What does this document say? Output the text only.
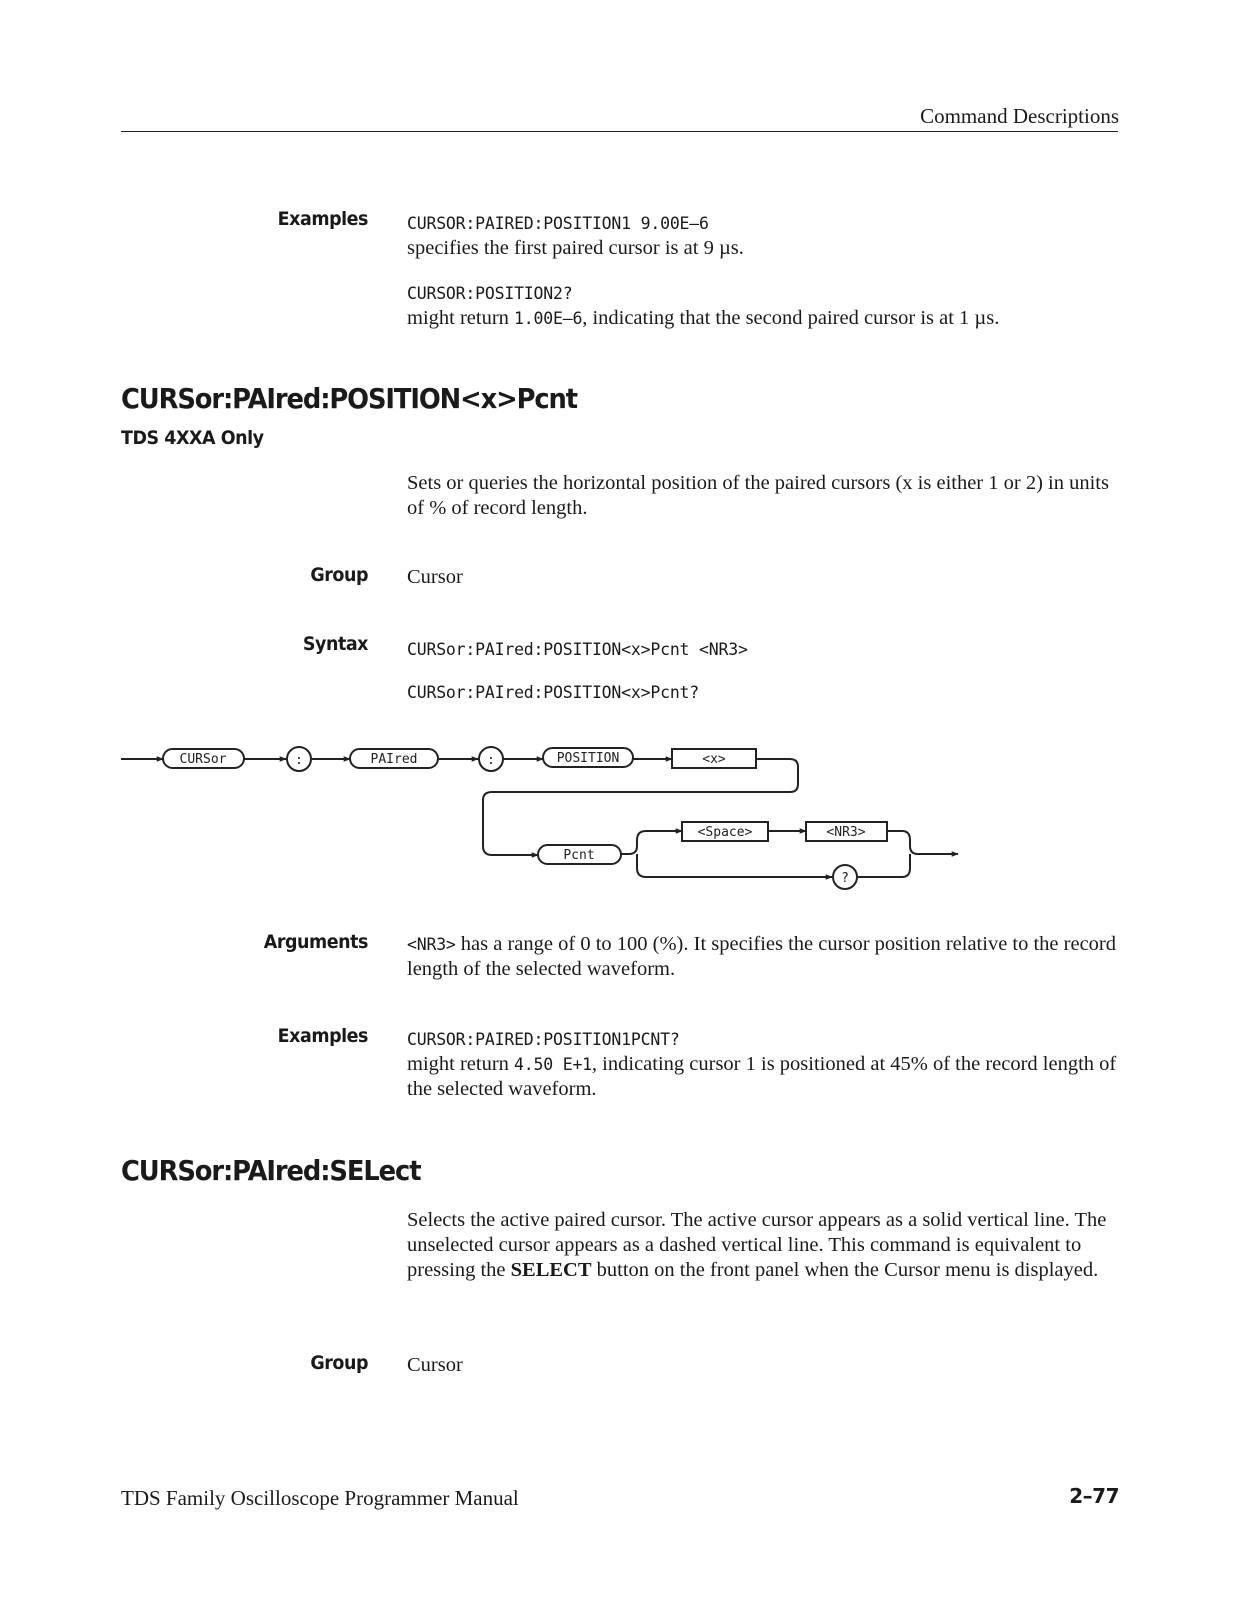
Command Descriptions
Examples CURSOR:PAIRED:POSITION1 9.00E–6

specifies the first paired cursor is at 9 µs.

CURSOR:POSITION2?

might return 1.00E–6, indicating that the second paired cursor is at 1 µs.

CURSor:PAIred:POSITION<x>Pcnt
TDS 4XXA Only
Sets or queries the horizontal position of the paired cursors (x is either 1 or 2) in units of % of record length.
Group Cursor
Syntax CURSor:PAIred:POSITION<x>Pcnt <NR3>
CURSor:PAIred:POSITION<x>Pcnt?
CURSor	:	PAIred	:	POSITION	<x>
Pcnt
<Space>	<NR3>
?
Arguments <NR3> has a range of 0 to 100 (%). It specifies the cursor position relative to the record length of the selected waveform.
Examples CURSOR:PAIRED:POSITION1PCNT?

might return 4.50 E+1, indicating cursor 1 is positioned at 45% of the record length of the selected waveform.

CURSor:PAIred:SELect
Selects the active paired cursor. The active cursor appears as a solid vertical line. The unselected cursor appears as a dashed vertical line. This command is equivalent to pressing the SELECT button on the front panel when the Cursor menu is displayed.
Group Cursor
TDS Family Oscilloscope Programmer Manual	2–77
